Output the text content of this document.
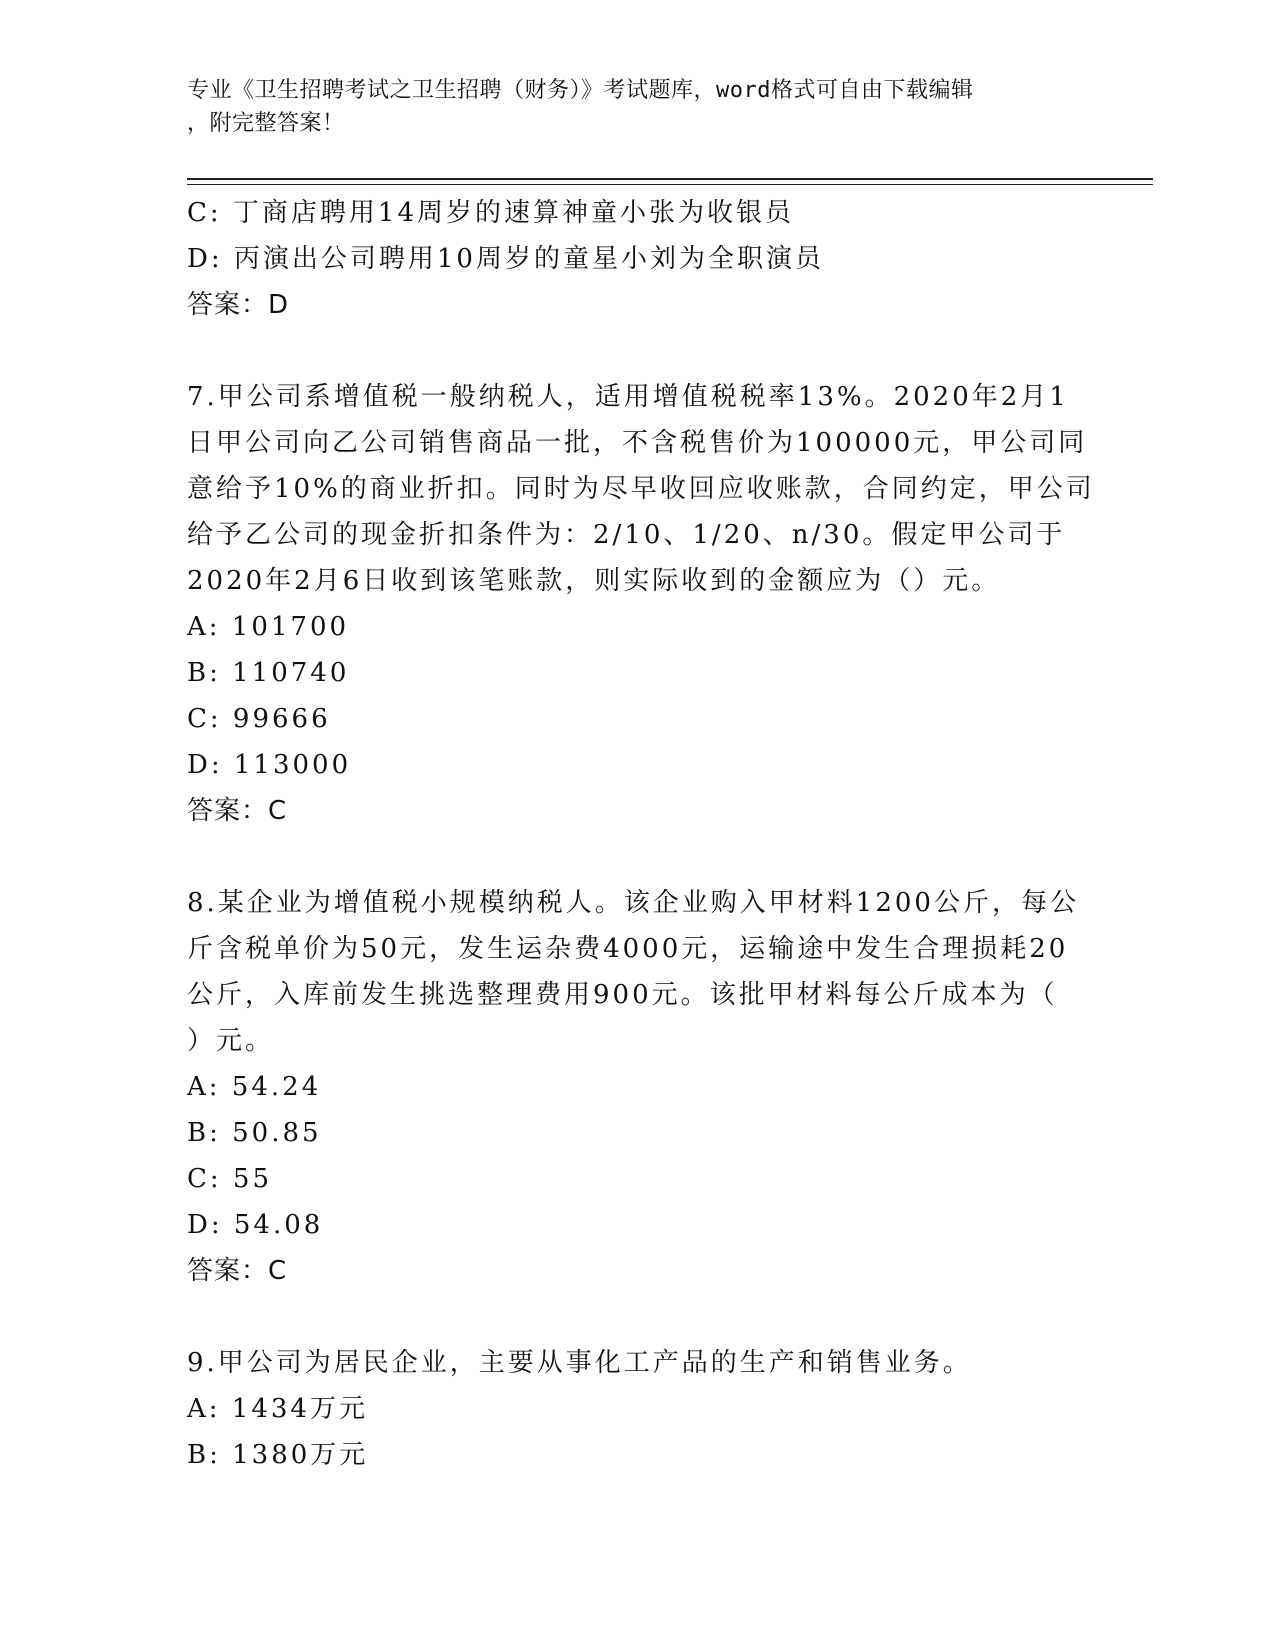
专业《卫生招聘考试之卫生招聘（财务）》考试题库，word格式可自由下载编辑
，附完整答案！
C: 丁商店聘用14周岁的速算神童小张为收银员
D: 丙演出公司聘用10周岁的童星小刘为全职演员
答案：D
7.甲公司系增值税一般纳税人，适用增值税税率13%。2020年2月1
日甲公司向乙公司销售商品一批，不含税售价为100000元，甲公司同
意给予10%的商业折扣。同时为尽早收回应收账款，合同约定，甲公司
给予乙公司的现金折扣条件为：2/10、1/20、n/30。假定甲公司于
2020年2月6日收到该笔账款，则实际收到的金额应为（）元。
A: 101700
B: 110740
C: 99666
D: 113000
答案：C
8.某企业为增值税小规模纳税人。该企业购入甲材料1200公斤，每公
斤含税单价为50元，发生运杂费4000元，运输途中发生合理损耗20
公斤，入库前发生挑选整理费用900元。该批甲材料每公斤成本为（
）元。
A: 54.24
B: 50.85
C: 55
D: 54.08
答案：C
9.甲公司为居民企业，主要从事化工产品的生产和销售业务。
A: 1434万元
B: 1380万元
